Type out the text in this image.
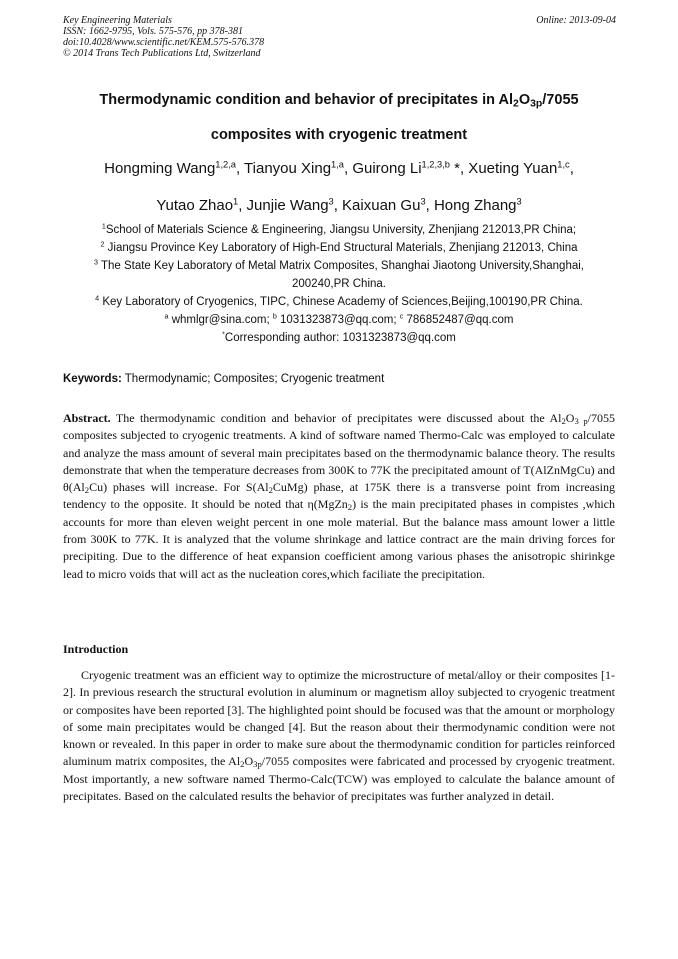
Key Engineering Materials
ISSN: 1662-9795, Vols. 575-576, pp 378-381
doi:10.4028/www.scientific.net/KEM.575-576.378
© 2014 Trans Tech Publications Ltd, Switzerland
Online: 2013-09-04
Thermodynamic condition and behavior of precipitates in $Al_2O_{3p}/7055$
composites with cryogenic treatment
Hongming Wang$^{1,2,a}$, Tianyou Xing$^{1,a}$, Guirong Li$^{1,2,3,b}$ *, Xueting Yuan$^{1,c}$,
Yutao Zhao$^1$, Junjie Wang$^3$, Kaixuan Gu$^3$, Hong Zhang$^3$
$^1$School of Materials Science & Engineering, Jiangsu University, Zhenjiang 212013,PR China;
$^2$ Jiangsu Province Key Laboratory of High-End Structural Materials, Zhenjiang 212013, China
$^3$ The State Key Laboratory of Metal Matrix Composites, Shanghai Jiaotong University,Shanghai,
200240,PR China.
$^4$ Key Laboratory of Cryogenics, TIPC, Chinese Academy of Sciences,Beijing,100190,PR China.
$^a$ whmlgr@sina.com; $^b$ 1031323873@qq.com; $^c$ 786852487@qq.com
*Corresponding author: 1031323873@qq.com
Keywords: Thermodynamic; Composites; Cryogenic treatment
Abstract. The thermodynamic condition and behavior of precipitates were discussed about the $Al_2O_{3 p}/7055$ composites subjected to cryogenic treatments. A kind of software named Thermo-Calc was employed to calculate and analyze the mass amount of several main precipitates based on the thermodynamic balance theory. The results demonstrate that when the temperature decreases from 300K to 77K the precipitated amount of T(AlZnMgCu) and $\theta(Al_2Cu)$ phases will increase. For $S(Al_2CuMg)$ phase, at 175K there is a transverse point from increasing tendency to the opposite. It should be noted that η(MgZn$_2$) is the main precipitated phases in compistes ,which accounts for more than eleven weight percent in one mole material. But the balance mass amount lower a little from 300K to 77K. It is analyzed that the volume shrinkage and lattice contract are the main driving forces for precipiting. Due to the difference of heat expansion coefficient among various phases the anisotropic shirinkge lead to micro voids that will act as the nucleation cores,which faciliate the precipitation.
Introduction
Cryogenic treatment was an efficient way to optimize the microstructure of metal/alloy or their composites [1-2]. In previous research the structural evolution in aluminum or magnetism alloy subjected to cryogenic treatment or composites have been reported [3]. The highlighted point should be focused was that the amount or morphology of some main precipitates would be changed [4]. But the reason about their thermodynamic condition were not known or revealed. In this paper in order to make sure about the thermodynamic condition for particles reinforced aluminum matrix composites, the $Al_2O_{3p}/7055$ composites were fabricated and processed by cryogenic treatment. Most importantly, a new software named Thermo-Calc(TCW) was employed to calculate the balance amount of precipitates. Based on the calculated results the behavior of precipitates was further analyzed in detail.
